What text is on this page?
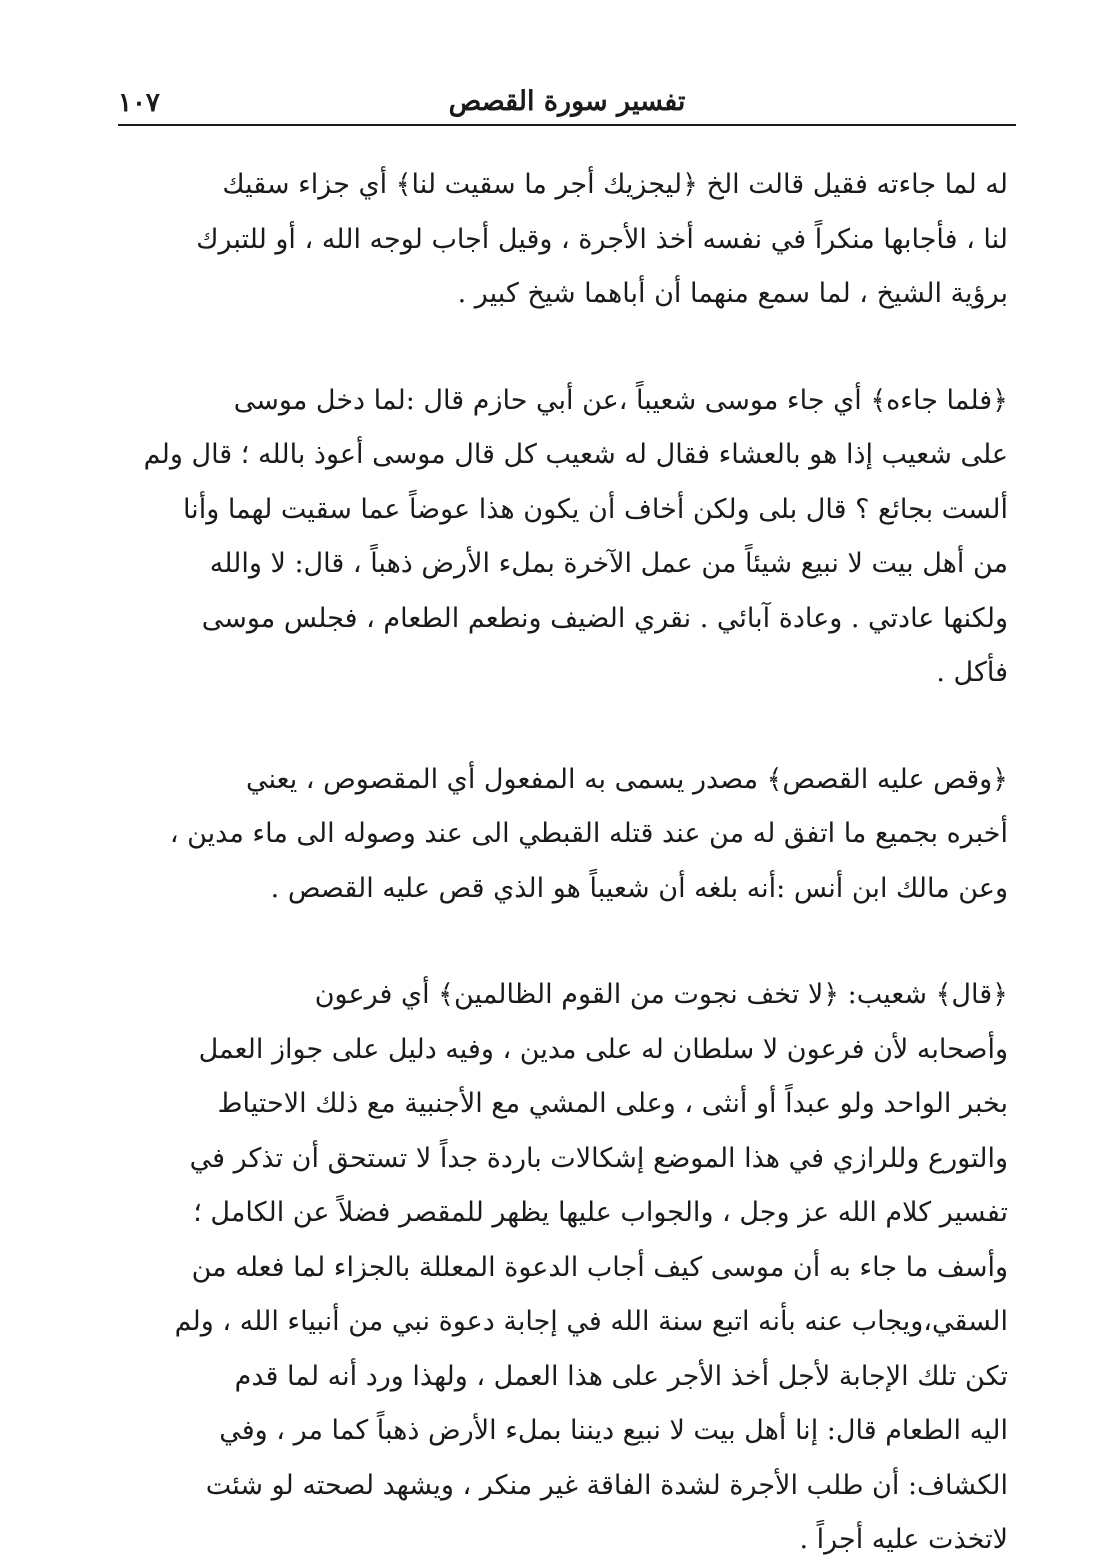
تفسير سورة القصص
١٠٧

له لما جاءته فقيل قالت الخ ﴿ليجزيك أجر ما سقيت لنا﴾ أي جزاء سقيك
لنا ، فأجابها منكراً في نفسه أخذ الأجرة ، وقيل أجاب لوجه الله ، أو للتبرك
برؤية الشيخ ، لما سمع منهما أن أباهما شيخ كبير .

﴿فلما جاءه﴾ أي جاء موسى شعيباً ،عن أبي حازم قال :لما دخل موسى
على شعيب إذا هو بالعشاء فقال له شعيب كل قال موسى أعوذ بالله ؛ قال ولم
ألست بجائع ؟ قال بلى ولكن أخاف أن يكون هذا عوضاً عما سقيت لهما وأنا
من أهل بيت لا نبيع شيئاً من عمل الآخرة بملء الأرض ذهباً ، قال: لا والله
ولكنها عادتي . وعادة آبائي . نقري الضيف ونطعم الطعام ، فجلس موسى
فأكل .

﴿وقص عليه القصص﴾ مصدر يسمى به المفعول أي المقصوص ، يعني
أخبره بجميع ما اتفق له من عند قتله القبطي الى عند وصوله الى ماء مدين ،
وعن مالك ابن أنس :أنه بلغه أن شعيباً هو الذي قص عليه القصص .

﴿قال﴾ شعيب: ﴿لا تخف نجوت من القوم الظالمين﴾ أي فرعون
وأصحابه لأن فرعون لا سلطان له على مدين ، وفيه دليل على جواز العمل
بخبر الواحد ولو عبداً أو أنثى ، وعلى المشي مع الأجنبية مع ذلك الاحتياط
والتورع وللرازي في هذا الموضع إشكالات باردة جداً لا تستحق أن تذكر في
تفسير كلام الله عز وجل ، والجواب عليها يظهر للمقصر فضلاً عن الكامل ؛
وأسف ما جاء به أن موسى كيف أجاب الدعوة المعللة بالجزاء لما فعله من
السقي،ويجاب عنه بأنه اتبع سنة الله في إجابة دعوة نبي من أنبياء الله ، ولم
تكن تلك الإجابة لأجل أخذ الأجر على هذا العمل ، ولهذا ورد أنه لما قدم
اليه الطعام قال: إنا أهل بيت لا نبيع ديننا بملء الأرض ذهباً كما مر ، وفي
الكشاف: أن طلب الأجرة لشدة الفاقة غير منكر ، ويشهد لصحته لو شئت
لاتخذت عليه أجراً .
